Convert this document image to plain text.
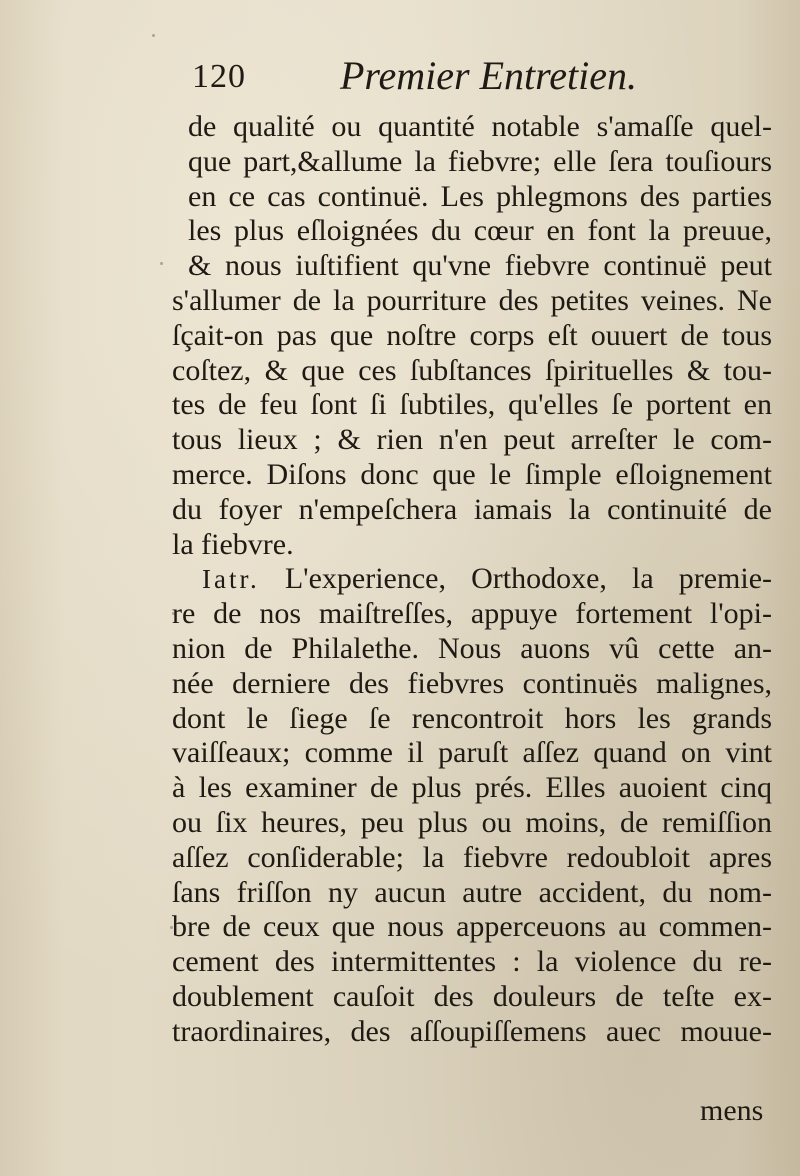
120 Premier Entretien.
de qualité ou quantité notable s'amaſſe quel-
que part,&allume la fiebvre; elle ſera touſiours
en ce cas continuë. Les phlegmons des parties
les plus eſloignées du cœur en font la preuue,
& nous iuſtifient qu'vne fiebvre continuë peut
s'allumer de la pourriture des petites veines. Ne
ſçait-on pas que noſtre corps eſt ouuert de tous
coſtez, & que ces ſubſtances ſpirituelles & tou-
tes de feu ſont ſi ſubtiles, qu'elles ſe portent en
tous lieux ; & rien n'en peut arreſter le com-
merce. Diſons donc que le ſimple eſloignement
du foyer n'empeſchera iamais la continuité de
la fiebvre.
Iatr. L'experience, Orthodoxe, la premie-
re de nos maiſtreſſes, appuye fortement l'opi-
nion de Philalethe. Nous auons vû cette an-
née derniere des fiebvres continuës malignes,
dont le ſiege ſe rencontroit hors les grands
vaiſſeaux; comme il paruſt aſſez quand on vint
à les examiner de plus prés. Elles auoient cinq
ou ſix heures, peu plus ou moins, de remiſſion
aſſez conſiderable; la fiebvre redoubloit apres
ſans friſſon ny aucun autre accident, du nom-
bre de ceux que nous apperceuons au commen-
cement des intermittentes : la violence du re-
doublement cauſoit des douleurs de teſte ex-
traordinaires, des aſſoupiſſemens auec mouue-
mens
